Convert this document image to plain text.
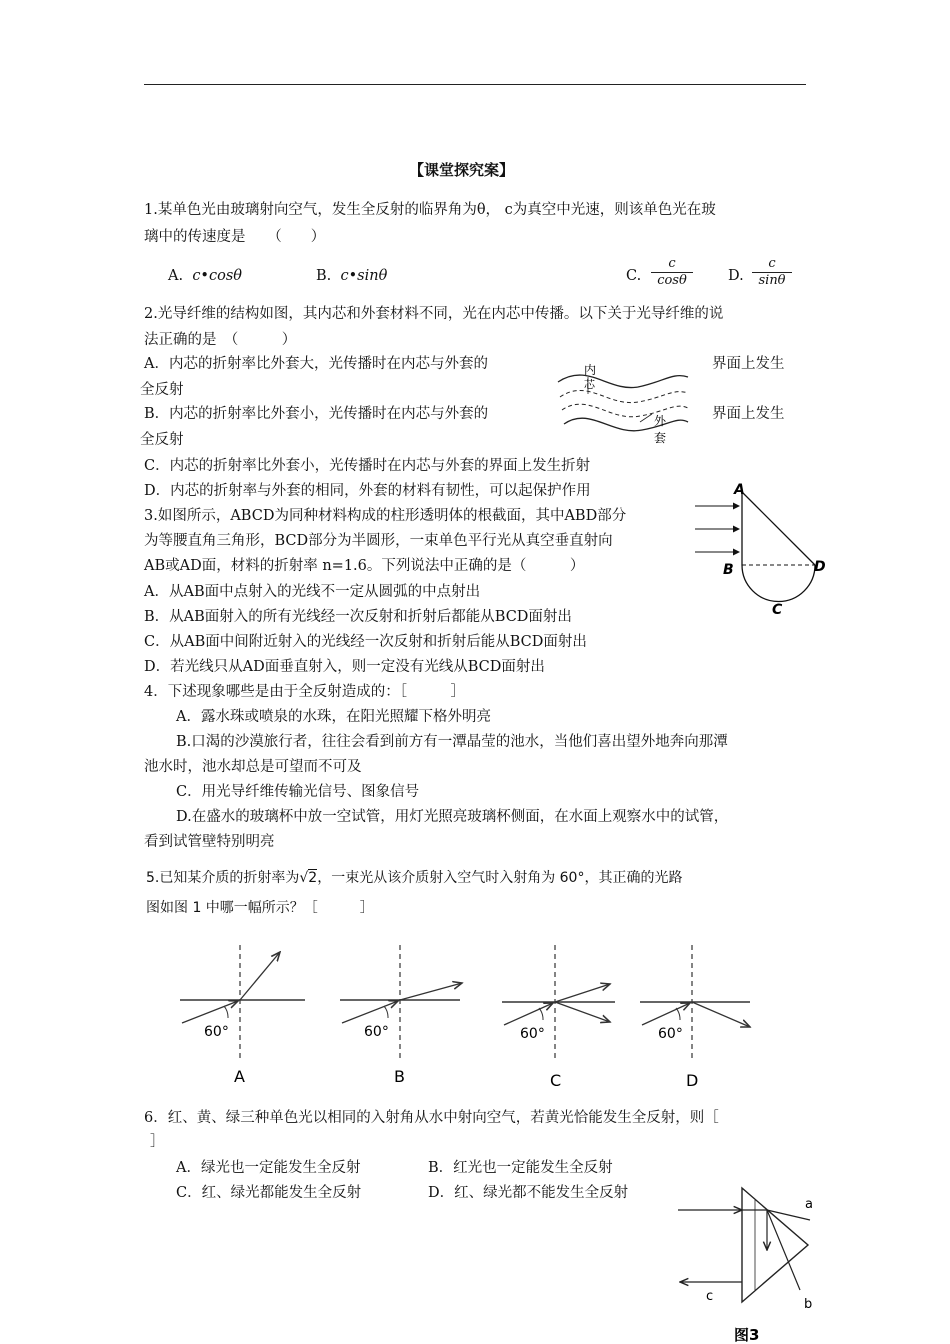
【课堂探究案】
1.某单色光由玻璃射向空气，发生全反射的临界角为θ， c为真空中光速，则该单色光在玻
璃中的传速度是　　（　　）
A. c•cosθ	B. c•sinθ	C. $\frac{c}{\cos\theta} D$. $\frac{c}{\sin\theta}$
2.光导纤维的结构如图，其内芯和外套材料不同，光在内芯中传播。以下关于光导纤维的说
法正确的是　（　　　）
A．内芯的折射率比外套大，光传播时在内芯与外套的	界面上发生
全反射
B．内芯的折射率比外套小，光传播时在内芯与外套的	界面上发生
全反射
C．内芯的折射率比外套小，光传播时在内芯与外套的界面上发生折射
D．内芯的折射率与外套的相同，外套的材料有韧性，可以起保护作用
内
芯
外
套
3.如图所示，ABCD为同种材料构成的柱形透明体的根截面，其中ABD部分
为等腰直角三角形，BCD部分为半圆形，一束单色平行光从真空垂直射向
AB或AD面，材料的折射率 n=1.6。下列说法中正确的是（　　　）
A．从AB面中点射入的光线不一定从圆弧的中点射出
B．从AB面射入的所有光线经一次反射和折射后都能从BCD面射出
C．从AB面中间附近射入的光线经一次反射和折射后能从BCD面射出
D．若光线只从AD面垂直射入，则一定没有光线从BCD面射出
A
B	D
C
4．下述现象哪些是由于全反射造成的：［　　　］
A．露水珠或喷泉的水珠，在阳光照耀下格外明亮
B.口渴的沙漠旅行者，往往会看到前方有一潭晶莹的池水，当他们喜出望外地奔向那潭
池水时，池水却总是可望而不可及
C．用光导纤维传输光信号、图象信号
D.在盛水的玻璃杯中放一空试管，用灯光照亮玻璃杯侧面，在水面上观察水中的试管，
看到试管壁特别明亮
5.已知某介质的折射率为√2，一束光从该介质射入空气时入射角为 60°，其正确的光路
图如图 1 中哪一幅所示？［　　　］
60°
A
60°
B
60°
C
60°
D
6．红、黄、绿三种单色光以相同的入射角从水中射向空气，若黄光恰能发生全反射，则［
］
A．绿光也一定能发生全反射	B．红光也一定能发生全反射
C．红、绿光都能发生全反射	D．红、绿光都不能发生全反射
a
b
c
图3
